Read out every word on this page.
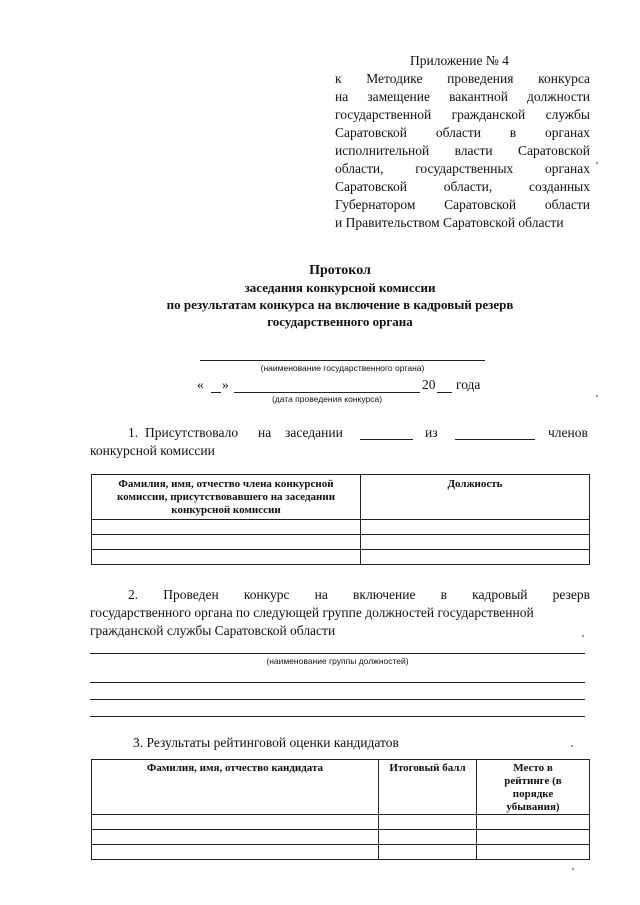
Приложение № 4
к Методике проведения конкурса
на замещение вакантной должности
государственной гражданской службы
Саратовской области в органах
исполнительной власти Саратовской
области, государственных органах
Саратовской области, созданных
Губернатором Саратовской области
и Правительством Саратовской области
Протокол
заседания конкурсной комиссии
по результатам конкурса на включение в кадровый резерв
государственного органа
(наименование государственного органа)
« »	20 года
(дата проведения конкурса)
1. Присутствовало на заседании	из	членов
конкурсной комиссии
Фамилия, имя, отчество члена конкурсной комиссии, присутствовавшего на заседании конкурсной комиссии	Должность

2. Проведен конкурс на включение в кадровый резерв
государственного органа по следующей группе должностей государственной
гражданской службы Саратовской области
(наименование группы должностей)
3. Результаты рейтинговой оценки кандидатов
Фамилия, имя, отчество кандидата	Итоговый балл	Место в рейтинге (в порядке убывания)
